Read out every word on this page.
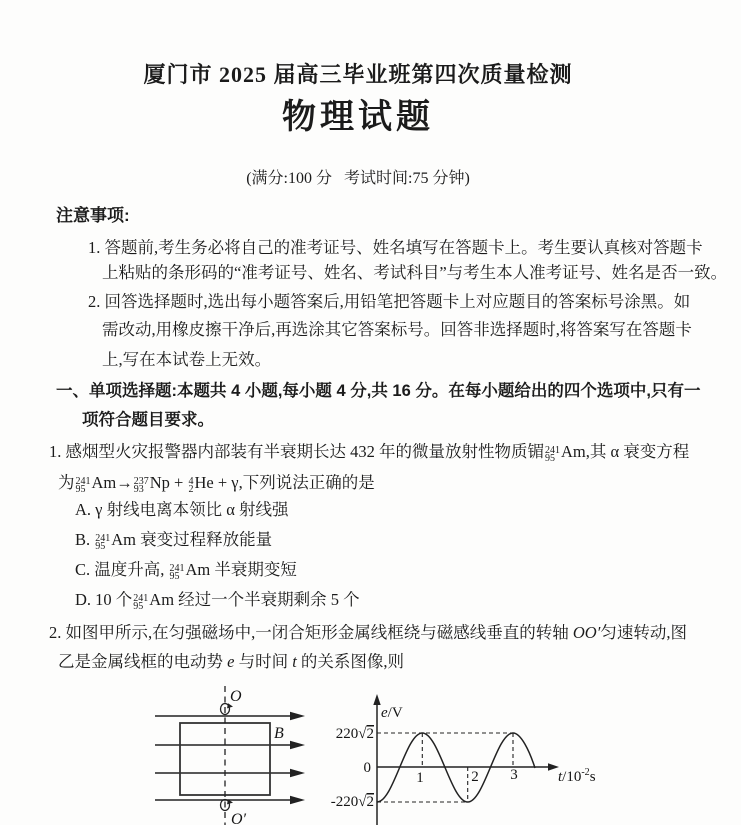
厦门市 2025 届高三毕业班第四次质量检测
物理试题
(满分:100 分   考试时间:75 分钟)
注意事项:
1. 答题前,考生务必将自己的准考证号、姓名填写在答题卡上。考生要认真核对答题卡
上粘贴的条形码的“准考证号、姓名、考试科目”与考生本人准考证号、姓名是否一致。
2. 回答选择题时,选出每小题答案后,用铅笔把答题卡上对应题目的答案标号涂黑。如
需改动,用橡皮擦干净后,再选涂其它答案标号。回答非选择题时,将答案写在答题卡
上,写在本试卷上无效。
一、单项选择题:本题共 4 小题,每小题 4 分,共 16 分。在每小题给出的四个选项中,只有一
项符合题目要求。
1. 感烟型火灾报警器内部装有半衰期长达 432 年的微量放射性物质镅 241
95 Am,其 α 衰变方程
为 241
95 Am→ 237
93 Np + 4
2 He + γ,下列说法正确的是
A. γ 射线电离本领比 α 射线强
B. 241
95 Am 衰变过程释放能量
C. 温度升高, 241
95 Am 半衰期变短
D. 10 个 241
95 Am 经过一个半衰期剩余 5 个
2. 如图甲所示,在匀强磁场中,一闭合矩形金属线框绕与磁感线垂直的转轴 OO′匀速转动,图
乙是金属线框的电动势 e 与时间 t 的关系图像,则
O
O′
B
e/V
220√2
0
-220√2
1	2 3	$t/10^{-2}s$
